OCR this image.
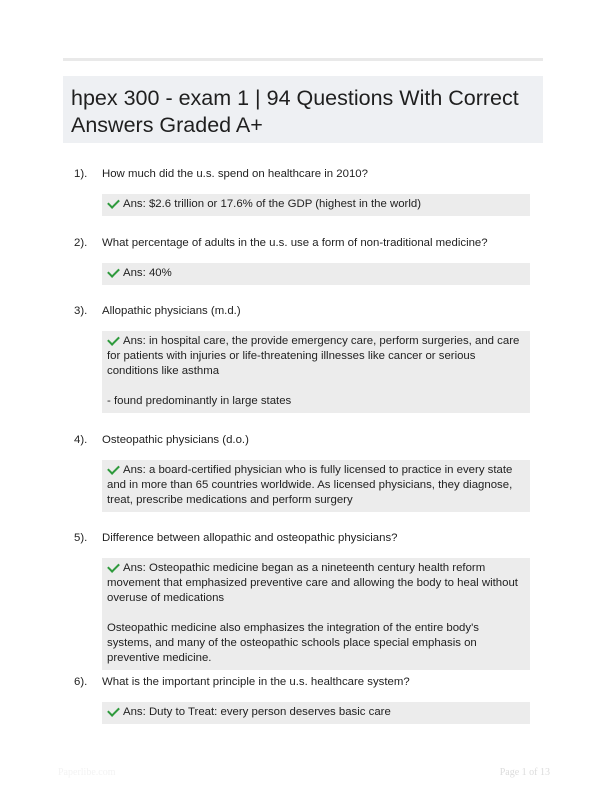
hpex 300 - exam 1 | 94 Questions With Correct Answers Graded A+
1).	How much did the u.s. spend on healthcare in 2010?

Ans: $2.6 trillion or 17.6% of the GDP (highest in the world)

2).	What percentage of adults in the u.s. use a form of non-traditional medicine?

Ans: 40%

3).	Allopathic physicians (m.d.)

Ans: in hospital care, the provide emergency care, perform surgeries, and care for patients with injuries or life-threatening illnesses like cancer or serious conditions like asthma

- found predominantly in large states

4).	Osteopathic physicians (d.o.)

Ans: a board-certified physician who is fully licensed to practice in every state and in more than 65 countries worldwide. As licensed physicians, they diagnose, treat, prescribe medications and perform surgery

5).	Difference between allopathic and osteopathic physicians?

Ans: Osteopathic medicine began as a nineteenth century health reform movement that emphasized preventive care and allowing the body to heal without overuse of medications

Osteopathic medicine also emphasizes the integration of the entire body's systems, and many of the osteopathic schools place special emphasis on preventive medicine.

6).	What is the important principle in the u.s. healthcare system?

Ans: Duty to Treat: every person deserves basic care

Paperlibe.com	Page 1 of 13
